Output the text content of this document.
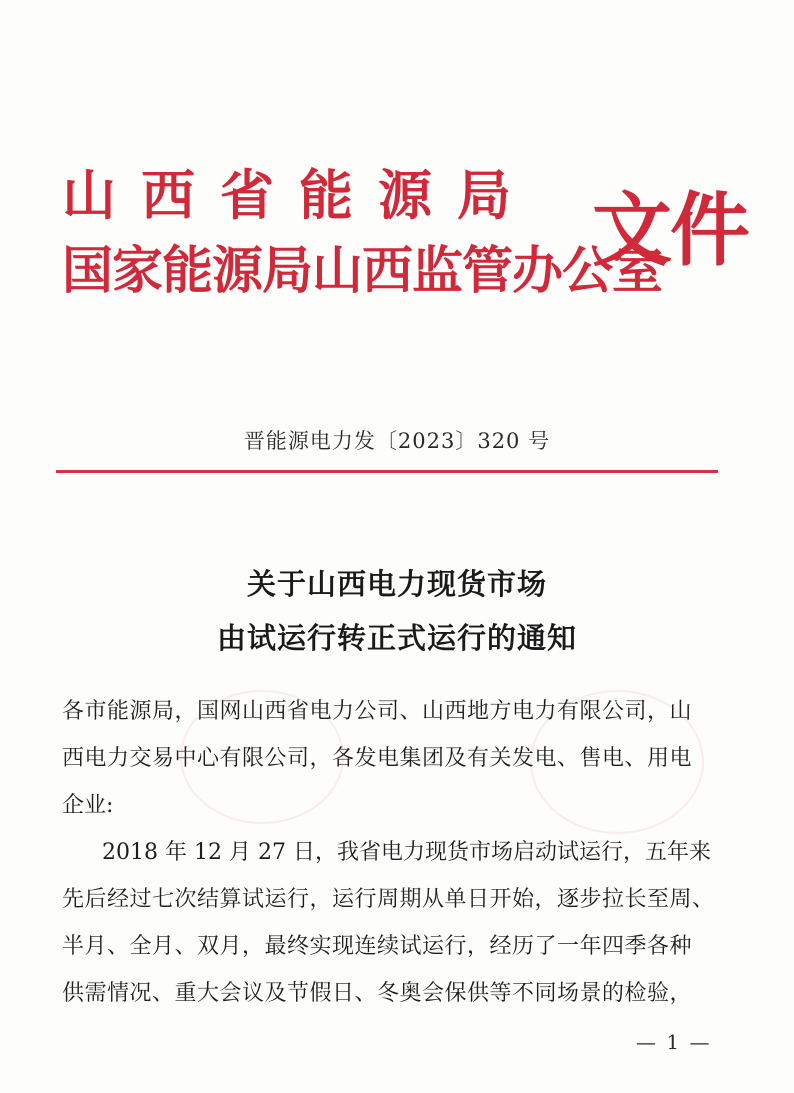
山西省能源局
国家能源局山西监管办公室
文件
晋能源电力发〔2023〕320 号
关于山西电力现货市场
由试运行转正式运行的通知
各市能源局，国网山西省电力公司、山西地方电力有限公司，山
西电力交易中心有限公司，各发电集团及有关发电、售电、用电
企业:
2018 年 12 月 27 日，我省电力现货市场启动试运行，五年来
先后经过七次结算试运行，运行周期从单日开始，逐步拉长至周、
半月、全月、双月，最终实现连续试运行，经历了一年四季各种
供需情况、重大会议及节假日、冬奥会保供等不同场景的检验，
— 1 —
